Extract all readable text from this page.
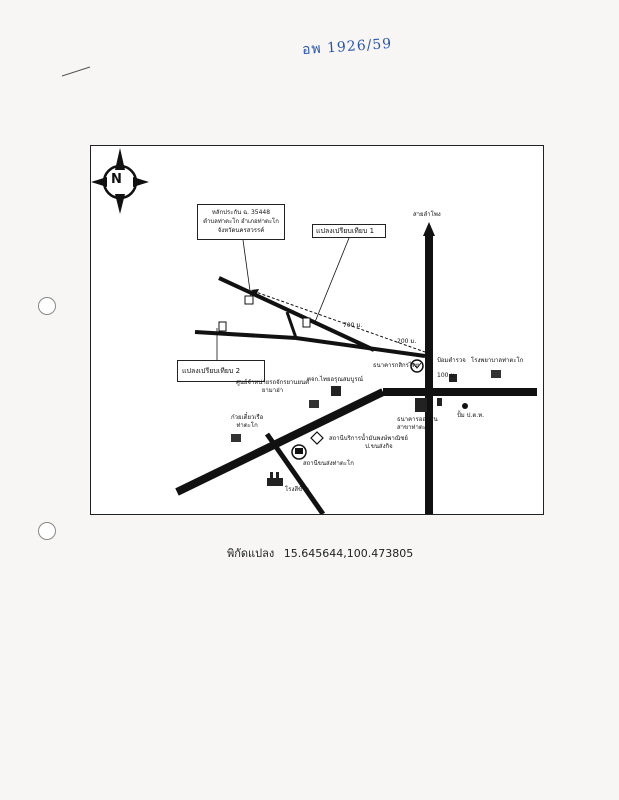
อพ 1926/59
N
หลักประกัน ฉ. 35448
ตำบลท่าตะโก อำเภอท่าตะโก
จังหวัดนครสวรรค์	แปลงเปรียบเทียบ 1
แปลงเปรียบเทียบ 2
700 ม.
200 ม.
100 ม.
สายลำโพง
ธนาคารกสิกรไทย
ป้อมตำรวจ โรงพยาบาลท่าตะโก
หจก.ไทยอรุณสมบูรณ์
ศูนย์จำหน่ายรถจักรยานยนต์
ยามาฮ่า
ก๋วยเตี๋ยวเรือ
ท่าตะโก
ธนาคารออมสิน
สาขาท่าตะโก
ปั้ม ป.ต.ท.
สถานีบริการน้ำมันพงษ์พาณิชย์
ป.ขนส่งกิจ
สถานีขนส่งท่าตะโก
โรงสีข้าว
พิกัดแปลง 15.645644,100.473805
